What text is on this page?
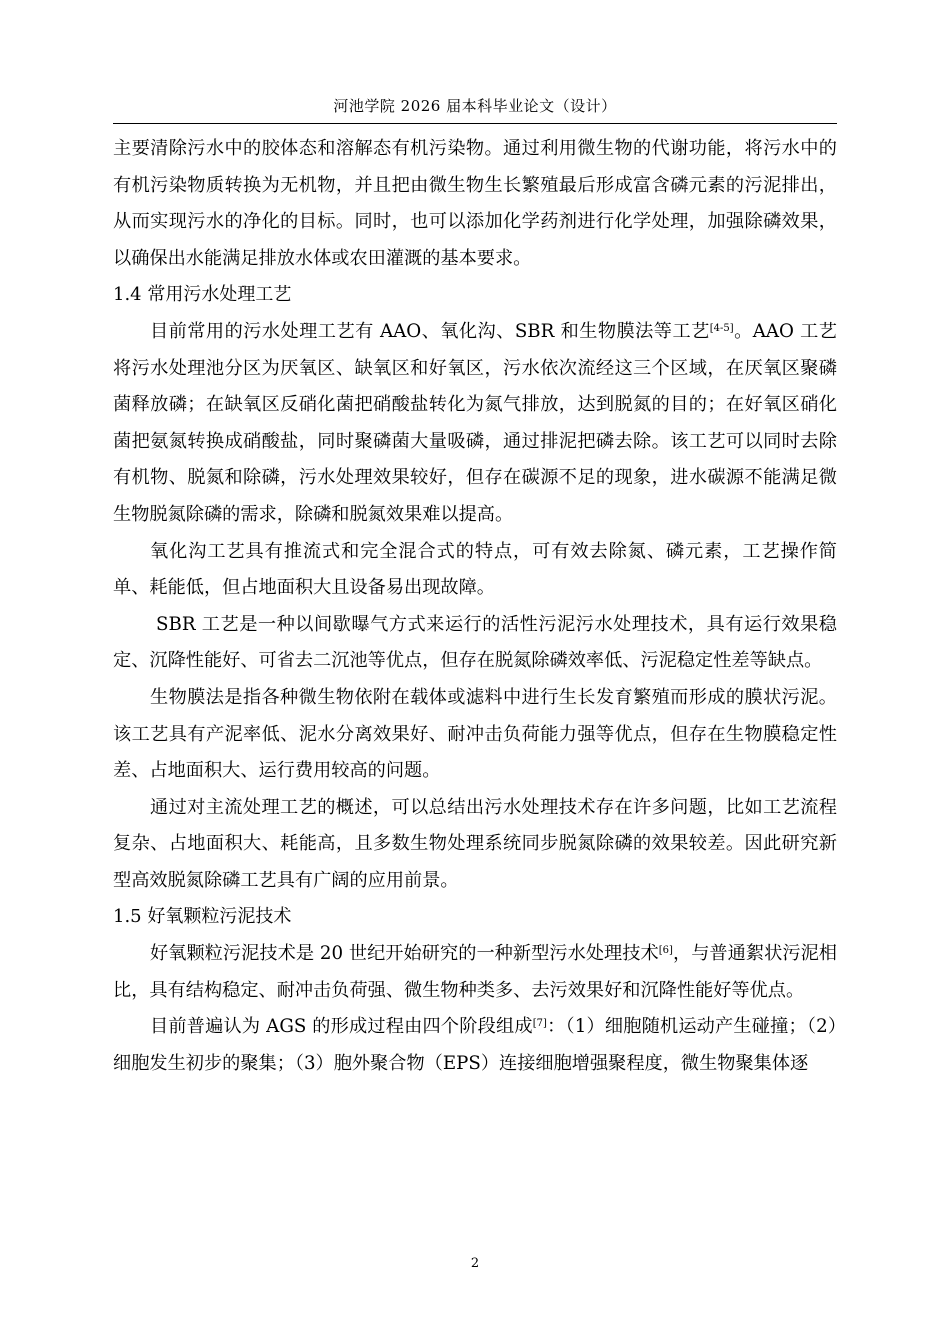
河池学院 2026 届本科毕业论文（设计）

主要清除污水中的胶体态和溶解态有机污染物。通过利用微生物的代谢功能，将污水中的有机污染物质转换为无机物，并且把由微生物生长繁殖最后形成富含磷元素的污泥排出，从而实现污水的净化的目标。同时，也可以添加化学药剂进行化学处理，加强除磷效果，以确保出水能满足排放水体或农田灌溉的基本要求。

1.4 常用污水处理工艺

目前常用的污水处理工艺有 AAO、氧化沟、SBR 和生物膜法等工艺[4-5]。AAO 工艺将污水处理池分区为厌氧区、缺氧区和好氧区，污水依次流经这三个区域，在厌氧区聚磷菌释放磷；在缺氧区反硝化菌把硝酸盐转化为氮气排放，达到脱氮的目的；在好氧区硝化菌把氨氮转换成硝酸盐，同时聚磷菌大量吸磷，通过排泥把磷去除。该工艺可以同时去除有机物、脱氮和除磷，污水处理效果较好，但存在碳源不足的现象，进水碳源不能满足微生物脱氮除磷的需求，除磷和脱氮效果难以提高。

氧化沟工艺具有推流式和完全混合式的特点，可有效去除氮、磷元素，工艺操作简单、耗能低，但占地面积大且设备易出现故障。

SBR 工艺是一种以间歇曝气方式来运行的活性污泥污水处理技术，具有运行效果稳定、沉降性能好、可省去二沉池等优点，但存在脱氮除磷效率低、污泥稳定性差等缺点。

生物膜法是指各种微生物依附在载体或滤料中进行生长发育繁殖而形成的膜状污泥。该工艺具有产泥率低、泥水分离效果好、耐冲击负荷能力强等优点，但存在生物膜稳定性差、占地面积大、运行费用较高的问题。

通过对主流处理工艺的概述，可以总结出污水处理技术存在许多问题，比如工艺流程复杂、占地面积大、耗能高，且多数生物处理系统同步脱氮除磷的效果较差。因此研究新型高效脱氮除磷工艺具有广阔的应用前景。

1.5 好氧颗粒污泥技术

好氧颗粒污泥技术是 20 世纪开始研究的一种新型污水处理技术[6]，与普通絮状污泥相比，具有结构稳定、耐冲击负荷强、微生物种类多、去污效果好和沉降性能好等优点。

目前普遍认为 AGS 的形成过程由四个阶段组成[7]：（1）细胞随机运动产生碰撞；（2）细胞发生初步的聚集；（3）胞外聚合物（EPS）连接细胞增强聚程度，微生物聚集体逐

2
